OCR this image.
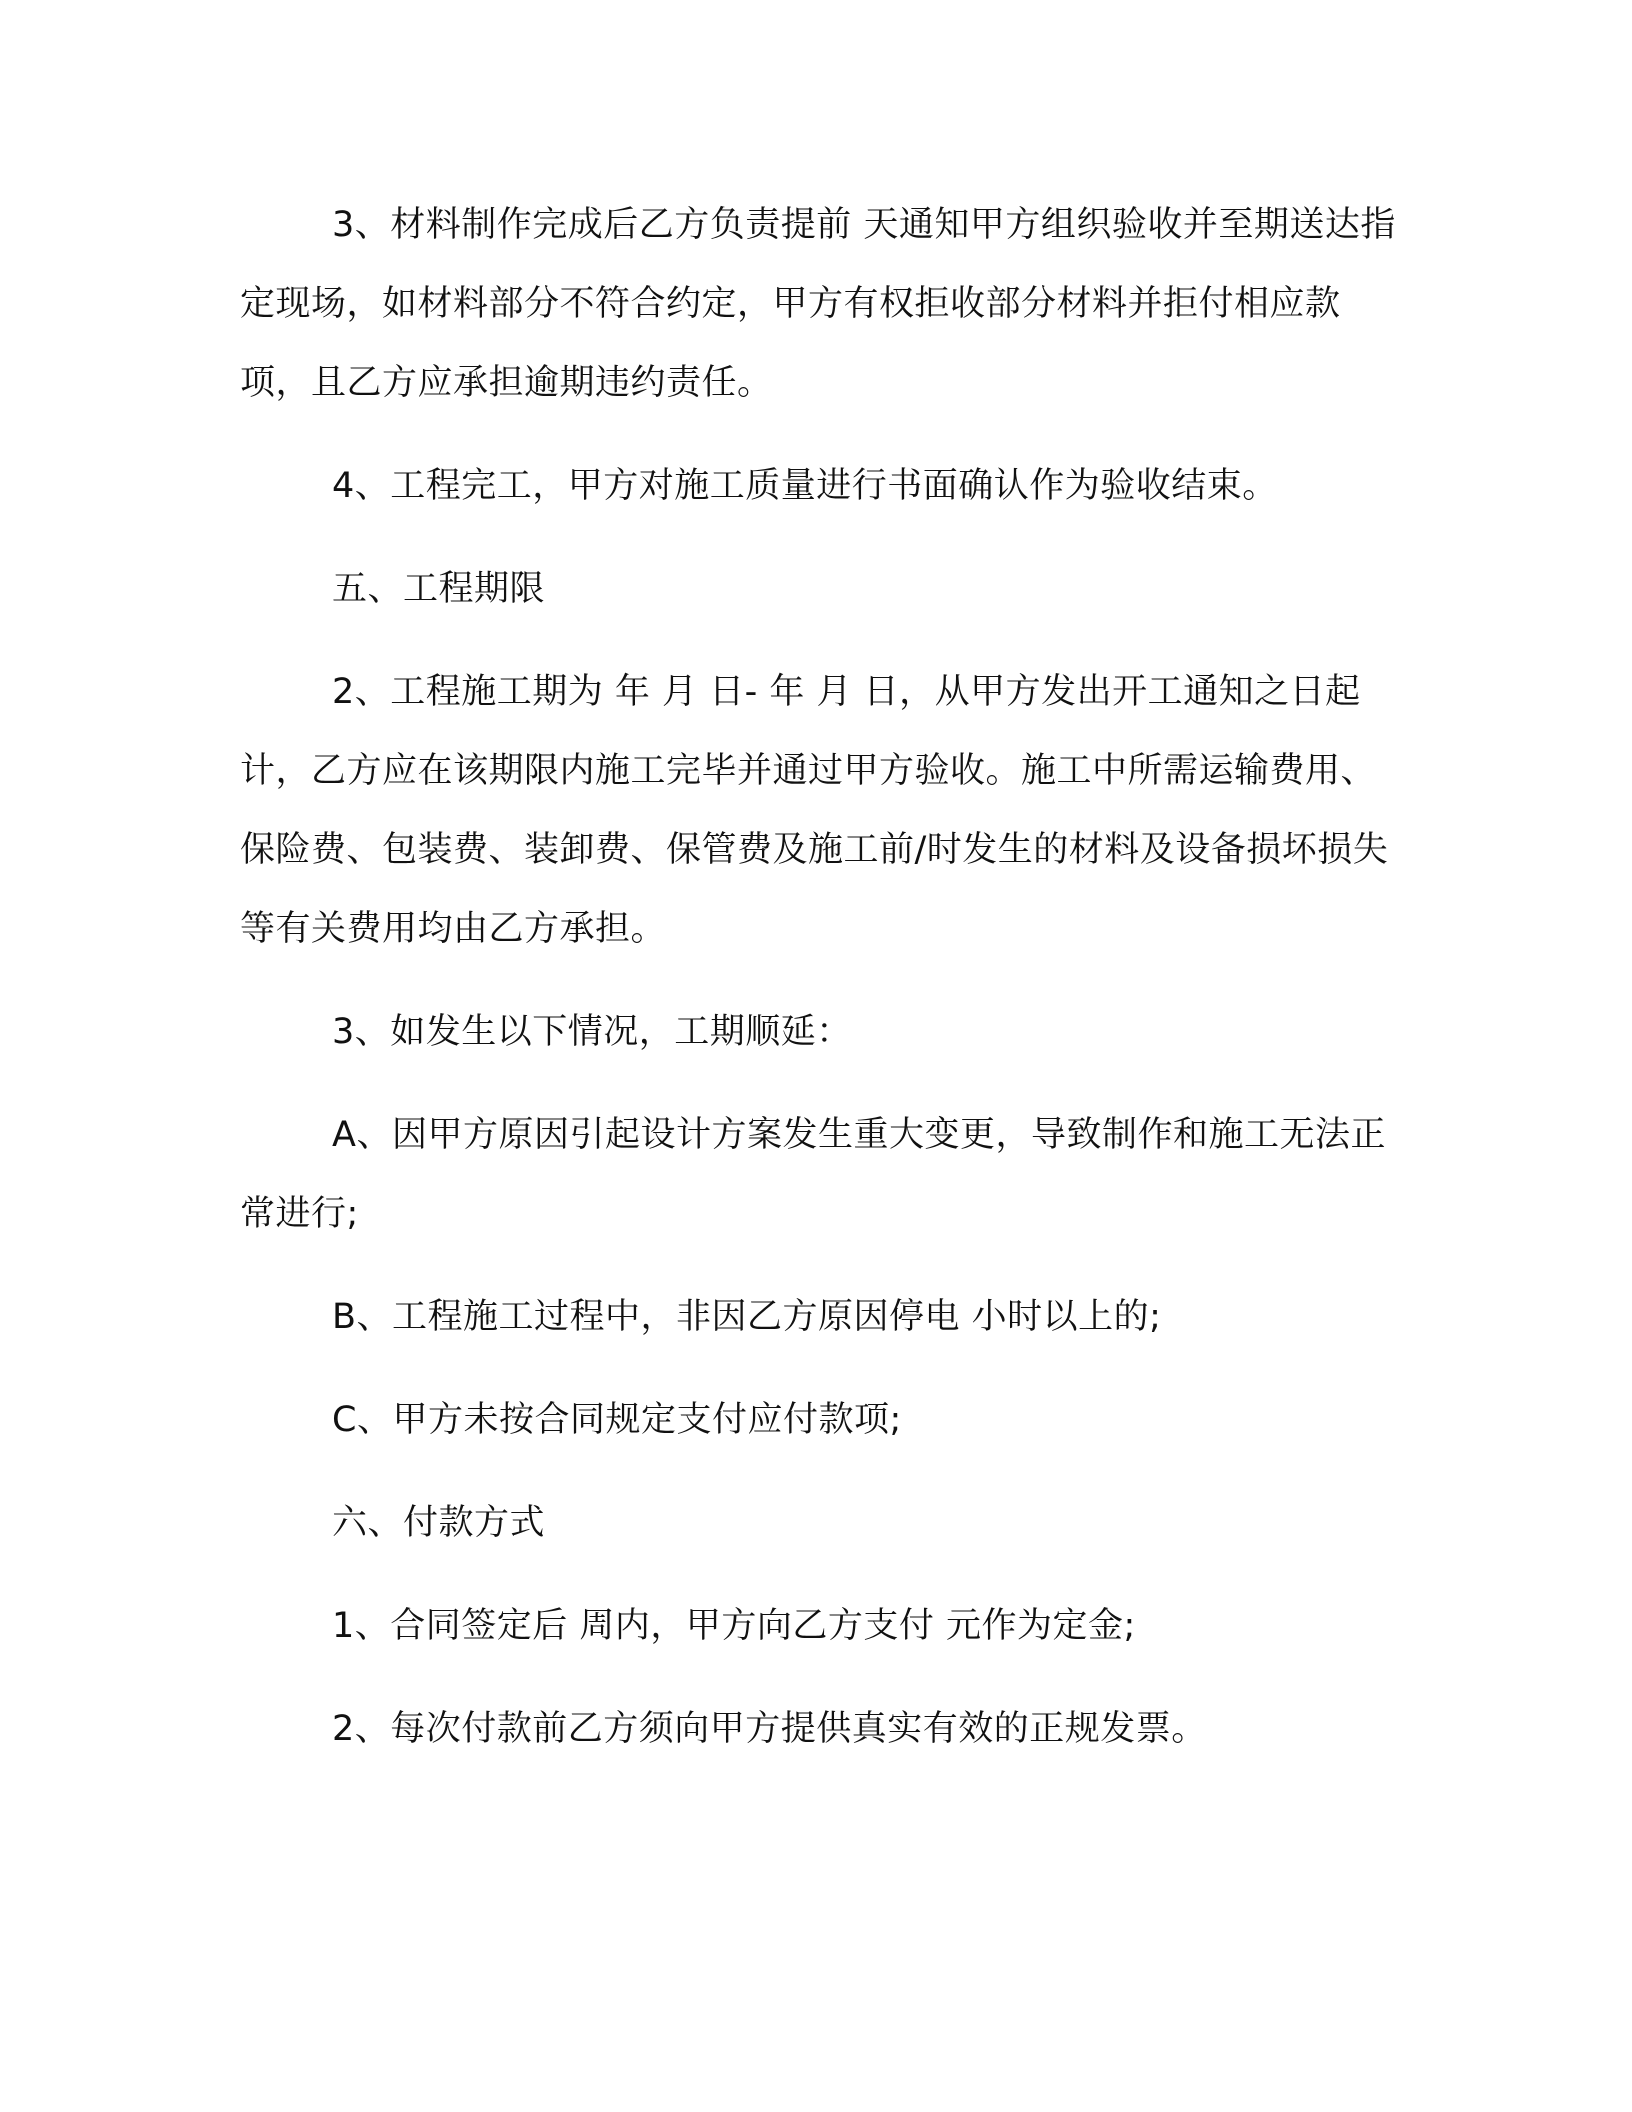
3、材料制作完成后乙方负责提前 天通知甲方组织验收并至期送达指定现场，如材料部分不符合约定，甲方有权拒收部分材料并拒付相应款项，且乙方应承担逾期违约责任。

4、工程完工，甲方对施工质量进行书面确认作为验收结束。

五、工程期限

2、工程施工期为 年 月 日- 年 月 日，从甲方发出开工通知之日起计，乙方应在该期限内施工完毕并通过甲方验收。施工中所需运输费用、保险费、包装费、装卸费、保管费及施工前/时发生的材料及设备损坏损失等有关费用均由乙方承担。

3、如发生以下情况，工期顺延：

A、因甲方原因引起设计方案发生重大变更，导致制作和施工无法正常进行;

B、工程施工过程中，非因乙方原因停电 小时以上的;

C、甲方未按合同规定支付应付款项;

六、付款方式

1、合同签定后 周内，甲方向乙方支付 元作为定金;

2、每次付款前乙方须向甲方提供真实有效的正规发票。
